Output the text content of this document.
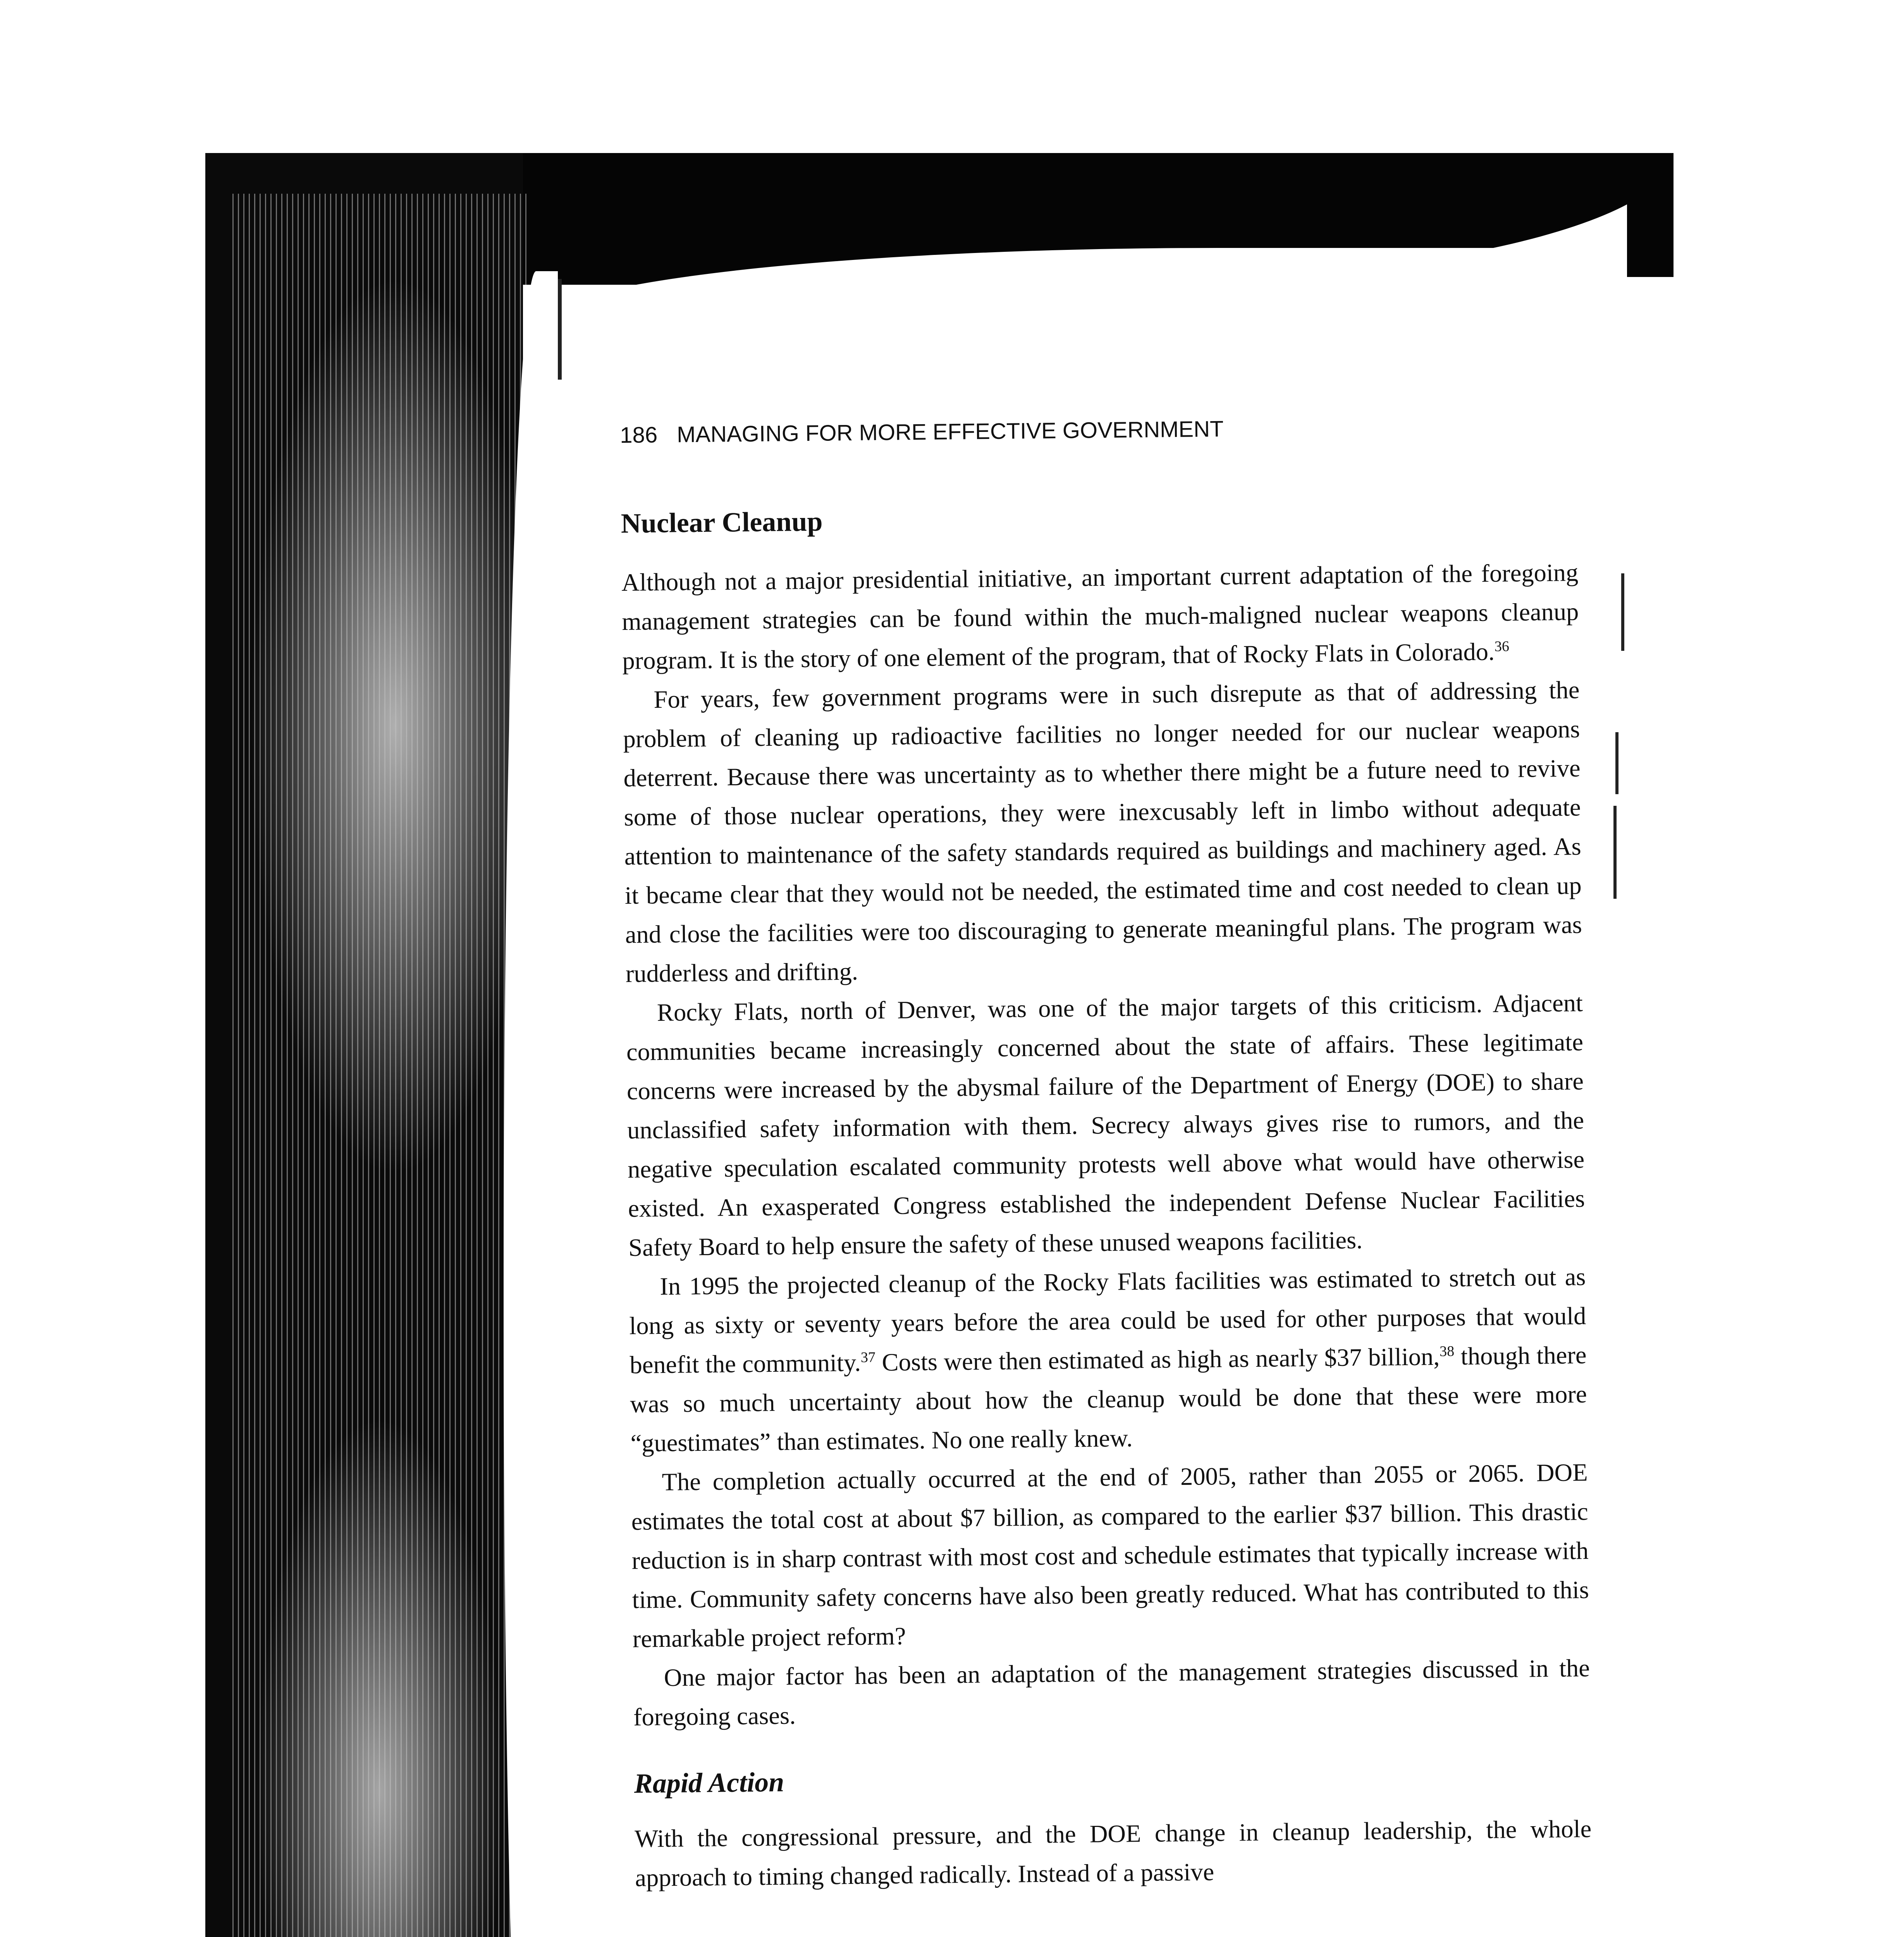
186 MANAGING FOR MORE EFFECTIVE GOVERNMENT
Nuclear Cleanup

Although not a major presidential initiative, an important current adaptation of the foregoing management strategies can be found within the much-maligned nuclear weapons cleanup program. It is the story of one element of the program, that of Rocky Flats in Colorado.$^{36}$

For years, few government programs were in such disrepute as that of addressing the problem of cleaning up radioactive facilities no longer needed for our nuclear weapons deterrent. Because there was uncertainty as to whether there might be a future need to revive some of those nuclear operations, they were inexcusably left in limbo without adequate attention to maintenance of the safety standards required as buildings and machinery aged. As it became clear that they would not be needed, the estimated time and cost needed to clean up and close the facilities were too discouraging to generate meaningful plans. The program was rudderless and drifting.

Rocky Flats, north of Denver, was one of the major targets of this criticism. Adjacent communities became increasingly concerned about the state of affairs. These legitimate concerns were increased by the abysmal failure of the Department of Energy (DOE) to share unclassified safety information with them. Secrecy always gives rise to rumors, and the negative speculation escalated community protests well above what would have otherwise existed. An exasperated Congress established the independent Defense Nuclear Facilities Safety Board to help ensure the safety of these unused weapons facilities.

In 1995 the projected cleanup of the Rocky Flats facilities was estimated to stretch out as long as sixty or seventy years before the area could be used for other purposes that would benefit the community.$^{37}$ Costs were then estimated as high as nearly $37 billion,$^{38}$ though there was so much uncertainty about how the cleanup would be done that these were more “guestimates” than estimates. No one really knew.

The completion actually occurred at the end of 2005, rather than 2055 or 2065. DOE estimates the total cost at about $7 billion, as compared to the earlier $37 billion. This drastic reduction is in sharp contrast with most cost and schedule estimates that typically increase with time. Community safety concerns have also been greatly reduced. What has contributed to this remarkable project reform?

One major factor has been an adaptation of the management strategies discussed in the foregoing cases.

Rapid Action

With the congressional pressure, and the DOE change in cleanup leadership, the whole approach to timing changed radically. Instead of a passive
